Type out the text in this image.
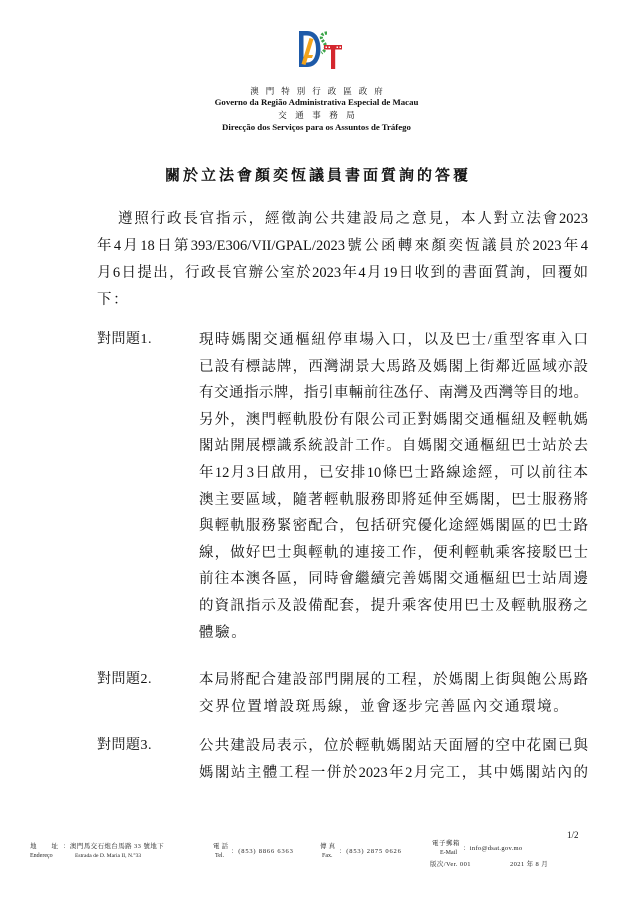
澳門特別行政區政府
Governo da Região Administrativa Especial de Macau
交通事務局
Direcção dos Serviços para os Assuntos de Tráfego
關於立法會顏奕恆議員書面質詢的答覆
遵照行政長官指示，經徵詢公共建設局之意見，本人對立法會2023
年4月18日第393/E306/VII/GPAL/2023號公函轉來顏奕恆議員於2023年4
月6日提出，行政長官辦公室於2023年4月19日收到的書面質詢，回覆如
下：
對問題1.	現時媽閣交通樞紐停車場入口，以及巴士/重型客車入口
已設有標誌牌，西灣湖景大馬路及媽閣上街鄰近區域亦設
有交通指示牌，指引車輛前往氹仔、南灣及西灣等目的地。
另外，澳門輕軌股份有限公司正對媽閣交通樞紐及輕軌媽
閣站開展標識系統設計工作。自媽閣交通樞紐巴士站於去
年12月3日啟用，已安排10條巴士路線途經，可以前往本
澳主要區域，隨著輕軌服務即將延伸至媽閣，巴士服務將
與輕軌服務緊密配合，包括研究優化途經媽閣區的巴士路
線，做好巴士與輕軌的連接工作，便利輕軌乘客接駁巴士
前往本澳各區，同時會繼續完善媽閣交通樞紐巴士站周邊
的資訊指示及設備配套，提升乘客使用巴士及輕軌服務之
體驗。
對問題2.	本局將配合建設部門開展的工程，於媽閣上街與飽公馬路
交界位置增設斑馬線，並會逐步完善區內交通環境。
對問題3.	公共建設局表示，位於輕軌媽閣站天面層的空中花園已與
媽閣站主體工程一併於2023年2月完工，其中媽閣站內的
1/2
地址
Endereço
：澳門馬交石炮台馬路 33 號地下
Estrada de D. Maria II, N.°33
電話
Tel.
：(853) 8866 6363
傳真
Fax.
：(853) 2875 0626
電子郵箱
E-Mail
：info@dsat.gov.mo
版次/Ver. 001	2021 年 8 月
